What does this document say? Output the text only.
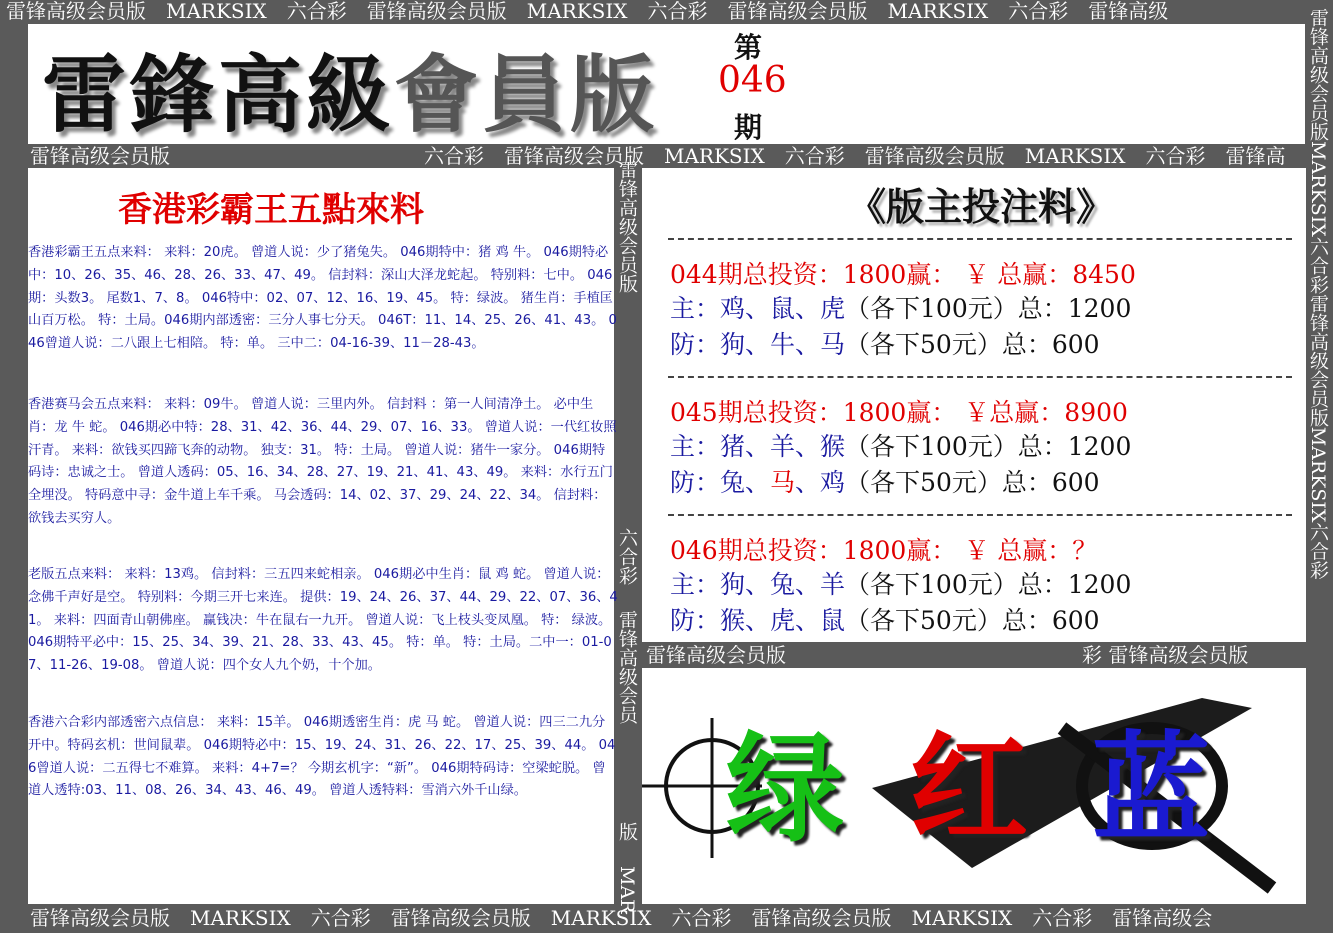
雷锋高级会员版　MARKSIX　六合彩　雷锋高级会员版　MARKSIX　六合彩　雷锋高级会员版　MARKSIX　六合彩　雷锋高级	雷锋高级会员版MARKSIX六合彩雷锋高级会员版MARKSIX六合彩
雷鋒高級會員版	第
046
期
雷锋高级会员版　　　　　　　　　　　　　　　　　
六合彩　雷锋高级会员版　MARKSIX　六合彩　雷锋高级会员版　MARKSIX　六合彩　雷锋高
香港彩霸王五點來料

香港彩霸王五点来料： 来料：20虎。 曾道人说：少了猪兔失。 046期特中：猪 鸡 牛。 046期特必中：10、26、35、46、28、26、33、47、49。 信封料：深山大泽龙蛇起。 特别料：七中。 046期：头数3。 尾数1、7、8。 046特中：02、07、12、16、19、45。 特：绿波。 猪生肖：手植匡山百万松。 特：土局。046期内部透密：三分人事七分天。 046T：11、14、25、26、41、43。 046曾道人说：二八跟上七相陪。 特：单。 三中二：04-16-39、11－28-43。

香港赛马会五点来料： 来料：09牛。 曾道人说：三里内外。 信封料 ：第一人间清净土。 必中生肖：龙 牛 蛇。 046期必中特：28、31、42、36、44、29、07、16、33。 曾道人说：一代红妆照汗青。 来料：欲钱买四蹄飞奔的动物。 独支：31。 特：土局。 曾道人说：猪牛一家分。 046期特码诗：忠诚之士。 曾道人透码：05、16、34、28、27、19、21、41、43、49。 来料：水行五门全埋没。 特码意中寻：金牛道上车千乘。 马会透码：14、02、37、29、24、22、34。 信封料：欲钱去买穷人。

老版五点来料： 来料：13鸡。 信封料：三五四来蛇相亲。 046期必中生肖：鼠 鸡 蛇。 曾道人说：念佛千声好是空。 特别料：今期三开七来连。 提供：19、24、26、37、44、29、22、07、36、41。 来料：四面青山朝佛座。 赢钱决：牛在鼠右一九开。 曾道人说：飞上枝头变凤凰。 特： 绿波。 046期特平必中：15、25、34、39、21、28、33、43、45。 特：单。 特：土局。二中一：01-07、11-26、19-08。 曾道人说：四个女人九个奶，十个加。

香港六合彩内部透密六点信息： 来料：15羊。 046期透密生肖：虎 马 蛇。 曾道人说：四三二九分开中。特码玄机：世间鼠辈。 046期特必中：15、19、24、31、26、22、17、25、39、44。 046曾道人说：二五得七不难算。 来料：4+7=？ 今期玄机字：“新”。 046期特码诗：空梁蛇脱。 曾道人透特:03、11、08、26、34、43、46、49。 曾道人透特料：雪消六外千山绿。

雷锋高级会员版
六合彩
雷锋高级会员
版
MAR
《版主投注料》
044期总投资：1800赢： ￥ 总赢：8450
主：鸡、鼠、虎（各下100元）总：1200
防：狗、牛、马（各下50元）总：600
045期总投资：1800赢： ￥总赢：8900
主：猪、羊、猴（各下100元）总：1200
防：兔、马、鸡（各下50元）总：600
046期总投资：1800赢： ￥ 总赢：？
主：狗、兔、羊（各下100元）总：1200
防：猴、虎、鼠（各下50元）总：600
雷锋高级会员版	彩 雷锋高级会员版
绿 红 蓝
雷锋高级会员版　MARKSIX　六合彩　雷锋高级会员版　MARKSIX　六合彩　雷锋高级会员版　MARKSIX　六合彩　雷锋高级会
